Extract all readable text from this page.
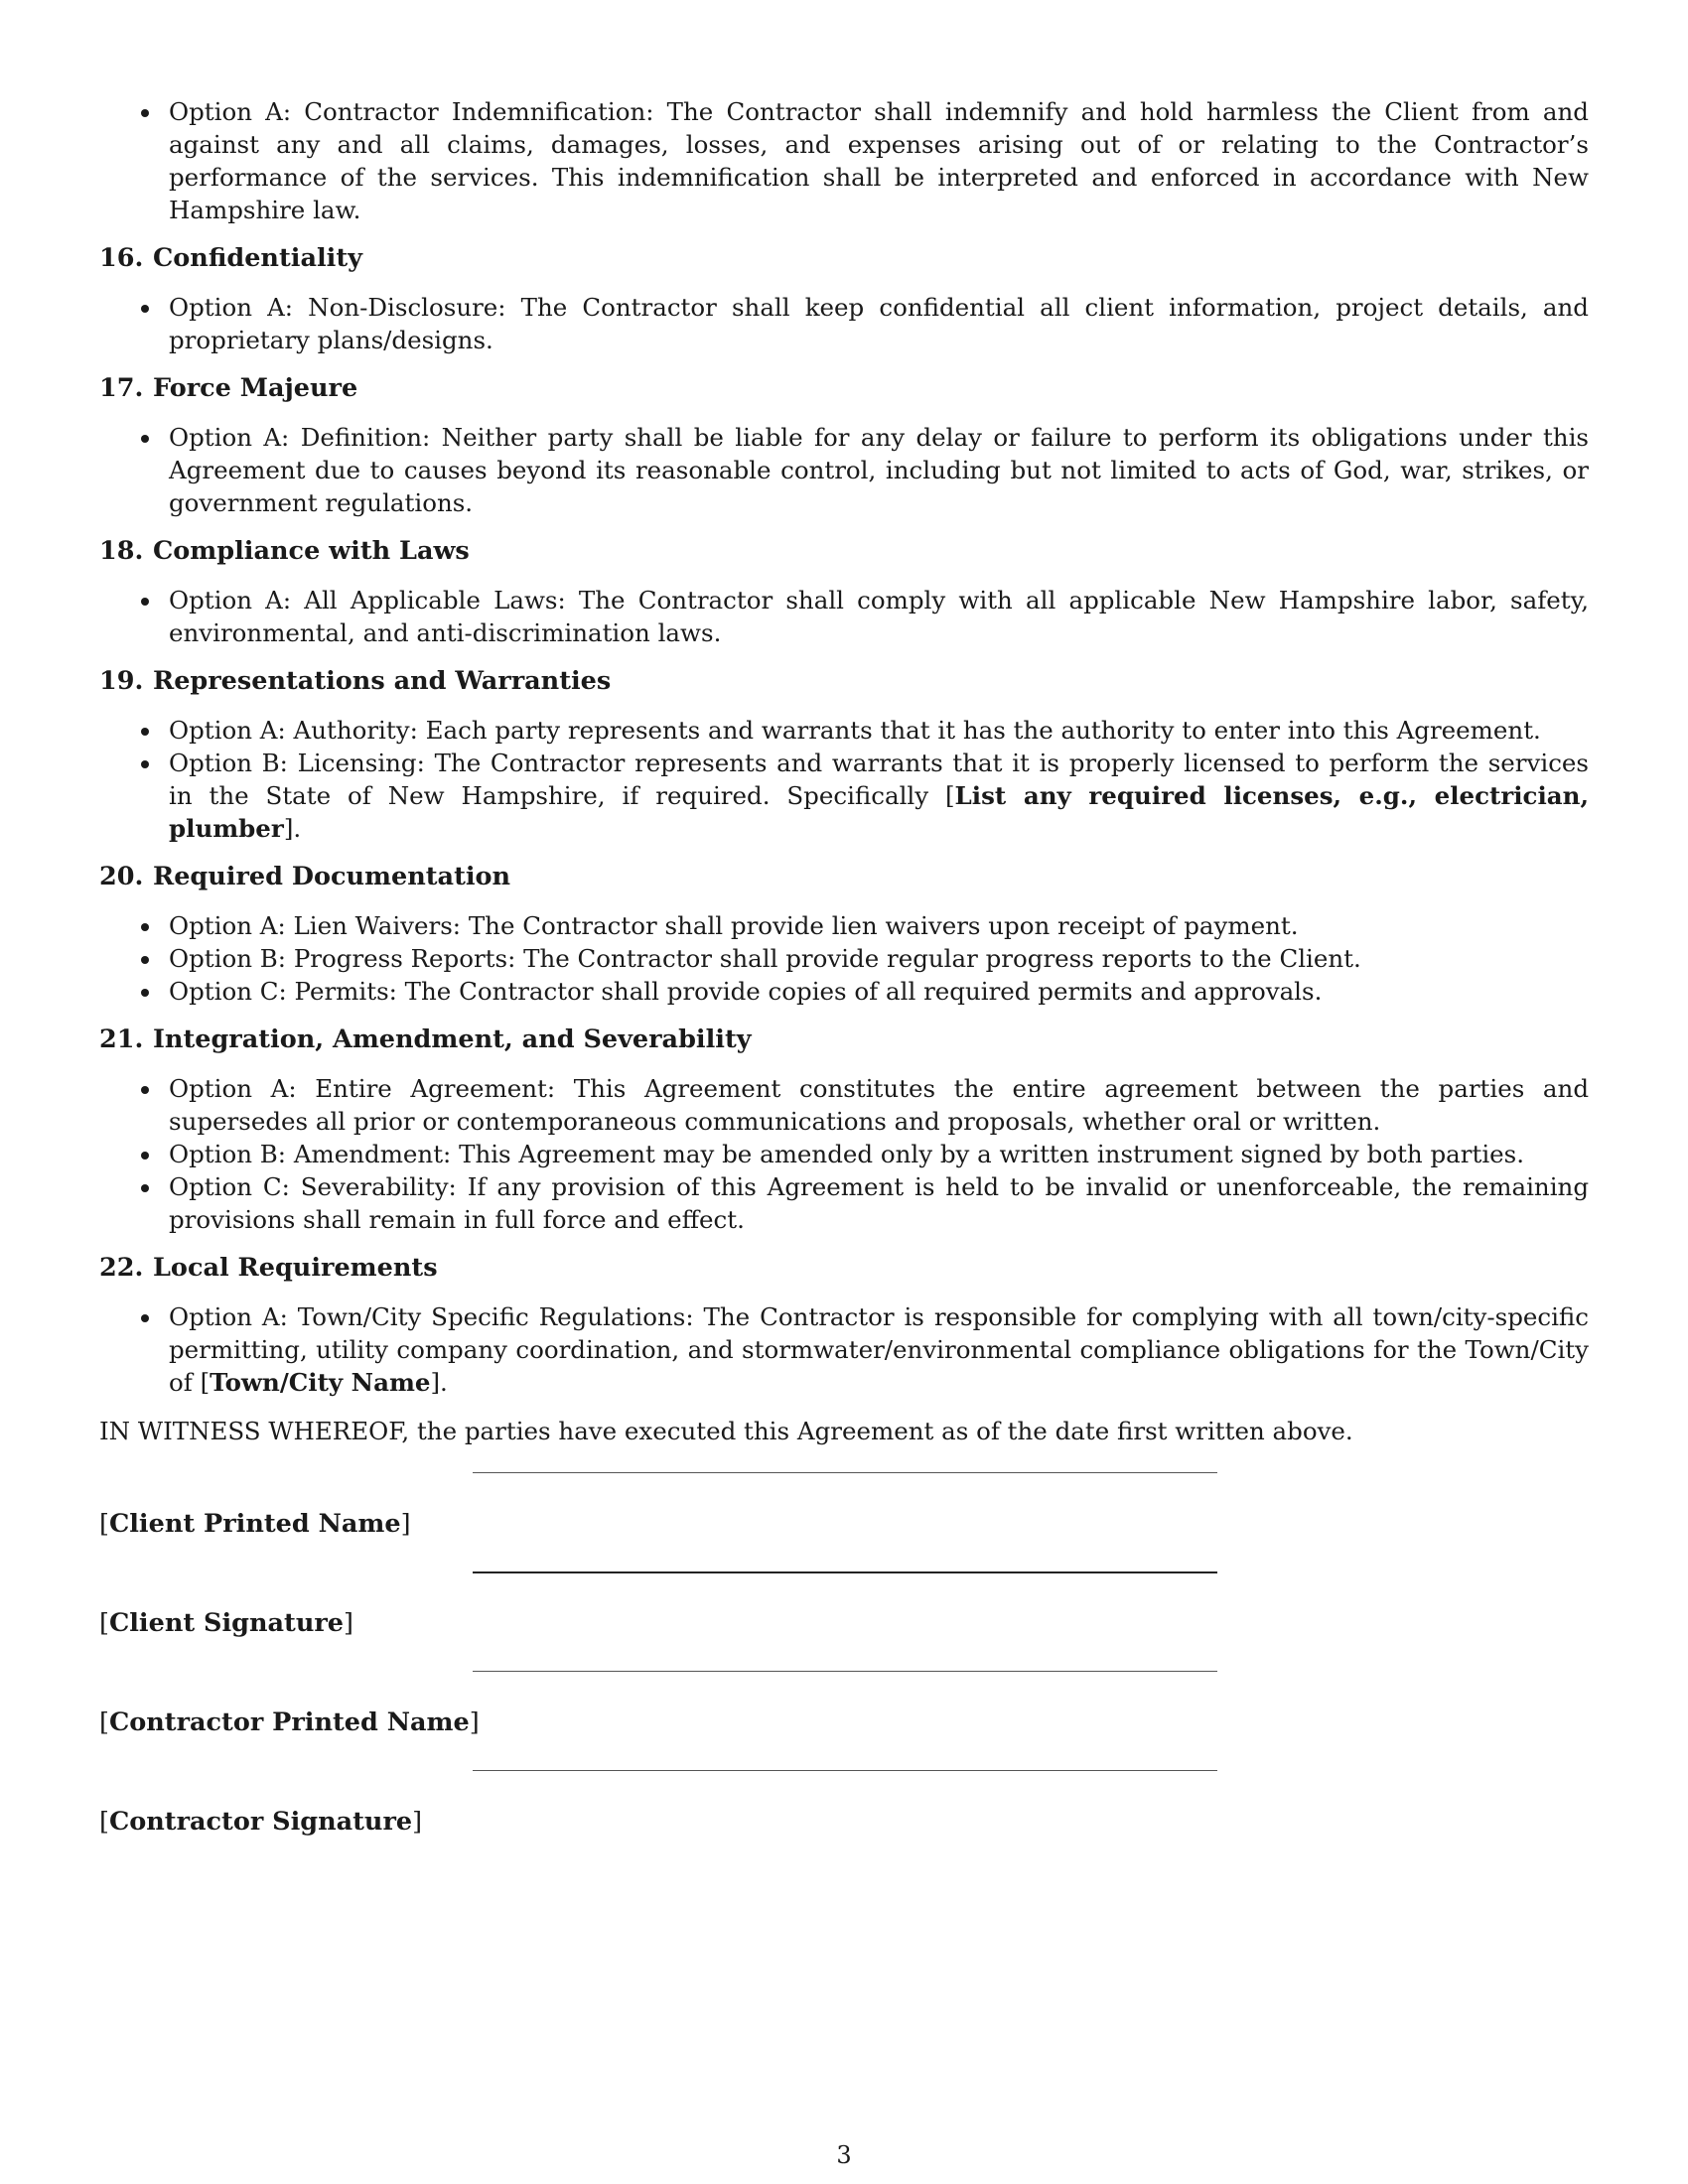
Option A: Contractor Indemnification: The Contractor shall indemnify and hold harmless the Client from and against any and all claims, damages, losses, and expenses arising out of or relating to the Contractor’s performance of the services. This indemnification shall be interpreted and enforced in accordance with New Hampshire law.

16. Confidentiality

Option A: Non-Disclosure: The Contractor shall keep confidential all client information, project details, and proprietary plans/designs.

17. Force Majeure

Option A: Definition: Neither party shall be liable for any delay or failure to perform its obligations under this Agreement due to causes beyond its reasonable control, including but not limited to acts of God, war, strikes, or government regulations.

18. Compliance with Laws

Option A: All Applicable Laws: The Contractor shall comply with all applicable New Hampshire labor, safety, environmental, and anti-discrimination laws.

19. Representations and Warranties

Option A: Authority: Each party represents and warrants that it has the authority to enter into this Agreement.
Option B: Licensing: The Contractor represents and warrants that it is properly licensed to perform the services in the State of New Hampshire, if required. Specifically [List any required licenses, e.g., electrician, plumber].

20. Required Documentation

Option A: Lien Waivers: The Contractor shall provide lien waivers upon receipt of payment.
Option B: Progress Reports: The Contractor shall provide regular progress reports to the Client.
Option C: Permits: The Contractor shall provide copies of all required permits and approvals.

21. Integration, Amendment, and Severability

Option A: Entire Agreement: This Agreement constitutes the entire agreement between the parties and supersedes all prior or contemporaneous communications and proposals, whether oral or written.
Option B: Amendment: This Agreement may be amended only by a written instrument signed by both parties.
Option C: Severability: If any provision of this Agreement is held to be invalid or unenforceable, the remaining provisions shall remain in full force and effect.

22. Local Requirements

Option A: Town/City Specific Regulations: The Contractor is responsible for complying with all town/city-specific permitting, utility company coordination, and stormwater/environmental compliance obligations for the Town/City of [Town/City Name].

IN WITNESS WHEREOF, the parties have executed this Agreement as of the date first written above.

[Client Printed Name]
[Client Signature]
[Contractor Printed Name]
[Contractor Signature]
3
